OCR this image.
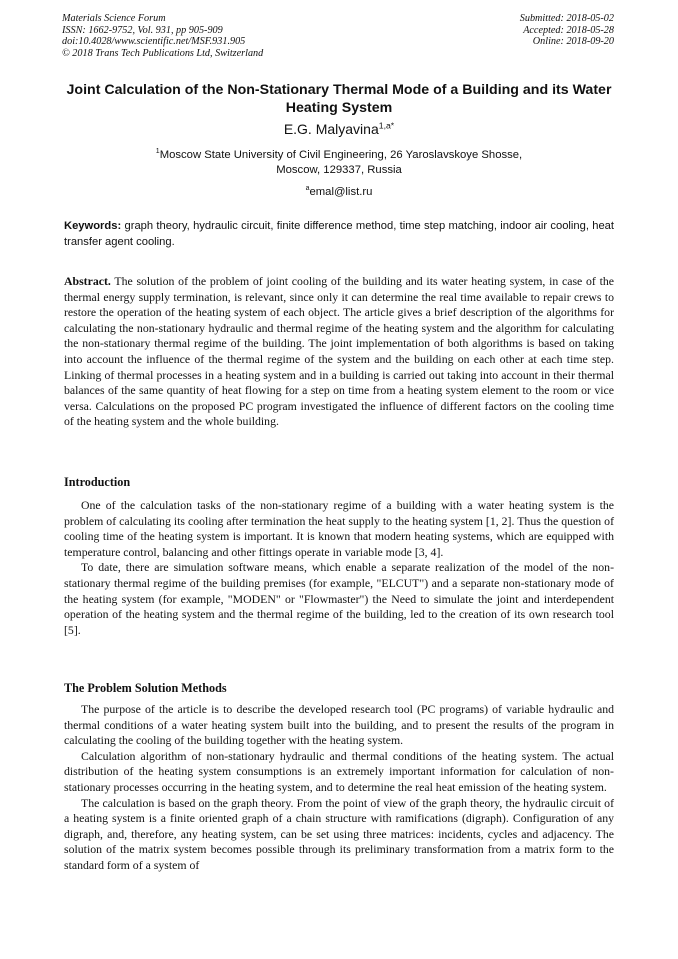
Materials Science Forum
ISSN: 1662-9752, Vol. 931, pp 905-909
doi:10.4028/www.scientific.net/MSF.931.905
© 2018 Trans Tech Publications Ltd, Switzerland
Submitted: 2018-05-02
Accepted: 2018-05-28
Online: 2018-09-20
Joint Calculation of the Non-Stationary Thermal Mode of a Building and its Water Heating System
E.G. Malyavina$^{1,a*}$
$^1$Moscow State University of Civil Engineering, 26 Yaroslavskoye Shosse,
Moscow, 129337, Russia
$^a$emal@list.ru
Keywords: graph theory, hydraulic circuit, finite difference method, time step matching, indoor air cooling, heat transfer agent cooling.

Abstract. The solution of the problem of joint cooling of the building and its water heating system, in case of the thermal energy supply termination, is relevant, since only it can determine the real time available to repair crews to restore the operation of the heating system of each object. The article gives a brief description of the algorithms for calculating the non-stationary hydraulic and thermal regime of the heating system and the algorithm for calculating the non-stationary thermal regime of the building. The joint implementation of both algorithms is based on taking into account the influence of the thermal regime of the system and the building on each other at each time step. Linking of thermal processes in a heating system and in a building is carried out taking into account in their thermal balances of the same quantity of heat flowing for a step on time from a heating system element to the room or vice versa. Calculations on the proposed PC program investigated the influence of different factors on the cooling time of the heating system and the whole building.

Introduction

One of the calculation tasks of the non-stationary regime of a building with a water heating system is the problem of calculating its cooling after termination the heat supply to the heating system [1, 2]. Thus the question of cooling time of the heating system is important. It is known that modern heating systems, which are equipped with temperature control, balancing and other fittings operate in variable mode [3, 4].

To date, there are simulation software means, which enable a separate realization of the model of the non-stationary thermal regime of the building premises (for example, "ELCUT") and a separate non-stationary mode of the heating system (for example, "MODEN" or "Flowmaster") the Need to simulate the joint and interdependent operation of the heating system and the thermal regime of the building, led to the creation of its own research tool [5].

The Problem Solution Methods

The purpose of the article is to describe the developed research tool (PC programs) of variable hydraulic and thermal conditions of a water heating system built into the building, and to present the results of the program in calculating the cooling of the building together with the heating system.

Calculation algorithm of non-stationary hydraulic and thermal conditions of the heating system. The actual distribution of the heating system consumptions is an extremely important information for calculation of non-stationary processes occurring in the heating system, and to determine the real heat emission of the heating system.

The calculation is based on the graph theory. From the point of view of the graph theory, the hydraulic circuit of a heating system is a finite oriented graph of a chain structure with ramifications (digraph). Configuration of any digraph, and, therefore, any heating system, can be set using three matrices: incidents, cycles and adjacency. The solution of the matrix system becomes possible through its preliminary transformation from a matrix form to the standard form of a system of
